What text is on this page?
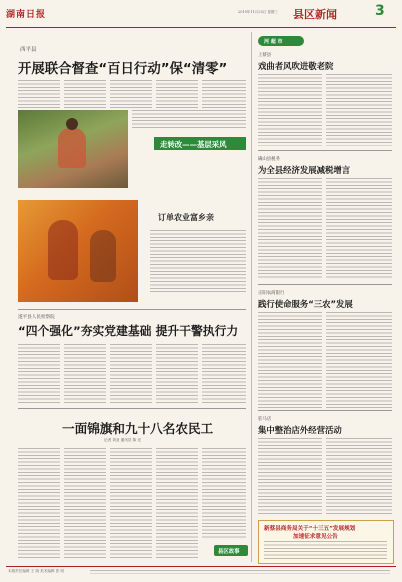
湖南日报	2019年11月25日 星期三 县区新闻	3
西平县
开展联合督查“百日行动”保“清零”
走转改——基层采风
订单农业富乡亲
遂平县人民检察院
“四个强化”夯实党建基础 提升干警执行力
一面锦旗和九十八名农民工
记者 刘亚 通讯员 陈 光
县区故事
河 超 市
上蔡县
戏曲者风吹进敬老院
确山县税务
为全县经济发展减税增言
正阳农商银行
践行使命服务“三农”发展
驻马店
集中整治店外经营活动
新蔡县商务局关于“十三五”发展规划
加速征求意见公告
本版责任编辑 王 晓 美术编辑 张 明
